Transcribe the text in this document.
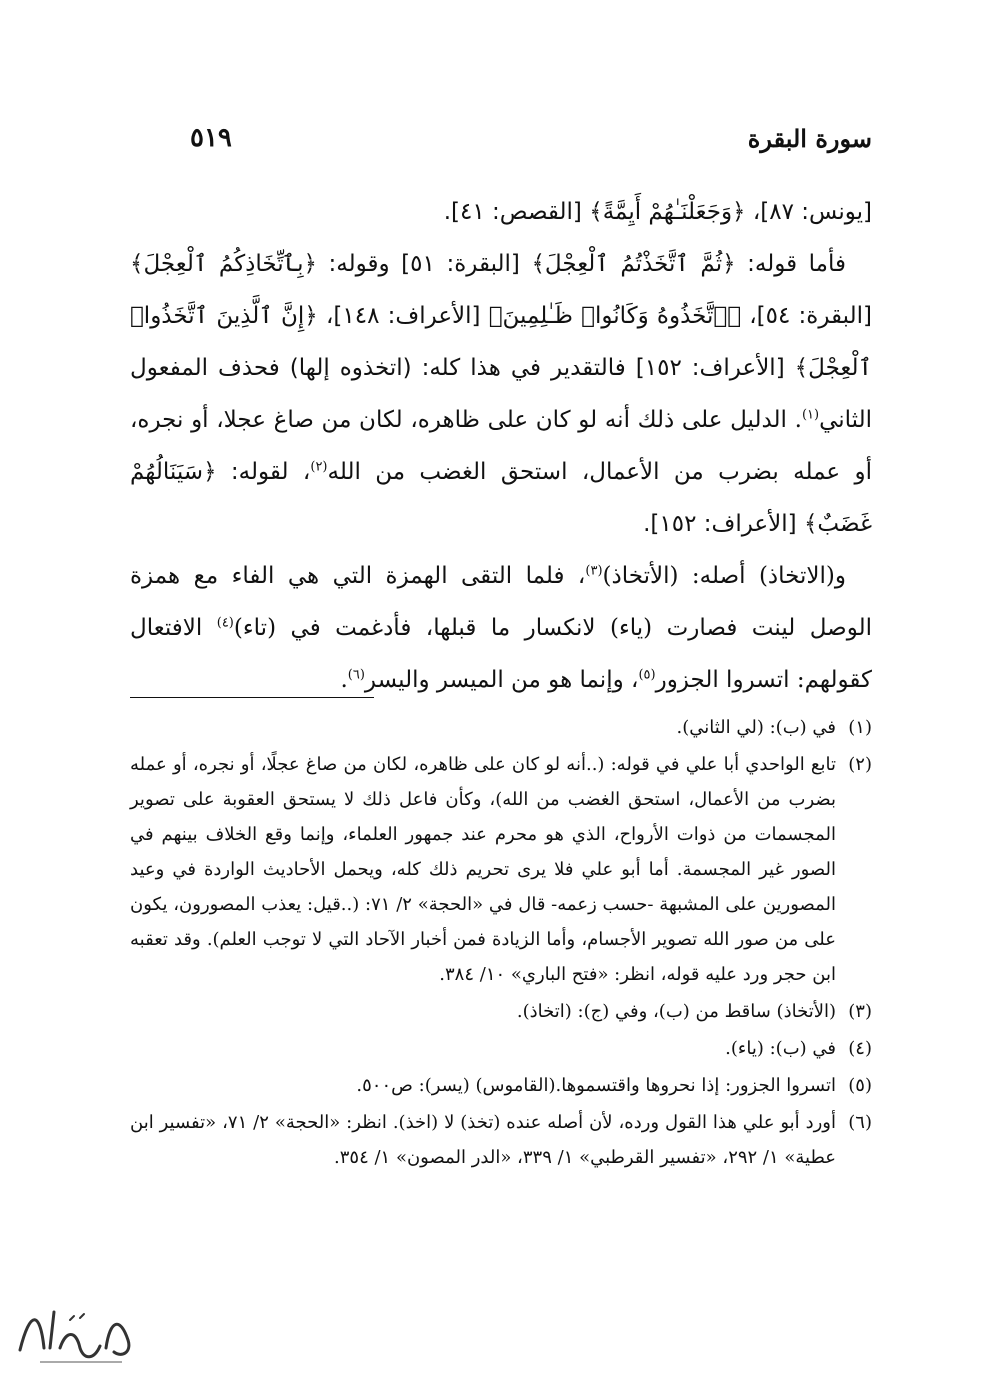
سورة البقرة
٥١٩

[يونس: ٨٧]، ﴿وَجَعَلْنَـٰهُمْ أَيِمَّةً﴾ [القصص: ٤١].

فأما قوله: ﴿ثُمَّ ٱتَّخَذْتُمُ ٱلْعِجْلَ﴾ [البقرة: ٥١] وقوله: ﴿بِٱتِّخَاذِكُمُ ٱلْعِجْلَ﴾ [البقرة: ٥٤]، ﴿ٱتَّخَذُوهُ وَكَانُوا۟ ظَـٰلِمِينَ﴾ [الأعراف: ١٤٨]، ﴿إِنَّ ٱلَّذِينَ ٱتَّخَذُوا۟ ٱلْعِجْلَ﴾ [الأعراف: ١٥٢] فالتقدير في هذا كله: (اتخذوه إلها) فحذف المفعول الثاني$^{(١)}$. الدليل على ذلك أنه لو كان على ظاهره، لكان من صاغ عجلا، أو نجره، أو عمله بضرب من الأعمال، استحق الغضب من الله$^{(٢)}$، لقوله: ﴿سَيَنَالُهُمْ غَضَبٌ﴾ [الأعراف: ١٥٢].

و(الاتخاذ) أصله: (الأتخاذ)$^{(٣)}$، فلما التقى الهمزة التي هي الفاء مع همزة الوصل لينت فصارت (ياء) لانكسار ما قبلها، فأدغمت في (تاء)$^{(٤)}$ الافتعال كقولهم: اتسروا الجزور$^{(٥)}$، وإنما هو من الميسر واليسر$^{(٦)}$.

(١)
في (ب): (لي الثاني).
(٢)
تابع الواحدي أبا علي في قوله: (..أنه لو كان على ظاهره، لكان من صاغ عجلًا، أو نجره، أو عمله بضرب من الأعمال، استحق الغضب من الله)، وكأن فاعل ذلك لا يستحق العقوبة على تصوير المجسمات من ذوات الأرواح، الذي هو محرم عند جمهور العلماء، وإنما وقع الخلاف بينهم في الصور غير المجسمة. أما أبو علي فلا يرى تحريم ذلك كله، ويحمل الأحاديث الواردة في وعيد المصورين على المشبهة -حسب زعمه- قال في «الحجة» ٢/ ٧١: (..قيل: يعذب المصورون، يكون على من صور الله تصوير الأجسام، وأما الزيادة فمن أخبار الآحاد التي لا توجب العلم). وقد تعقبه ابن حجر ورد عليه قوله، انظر: «فتح الباري» ١٠/ ٣٨٤.
(٣)
(الأتخاذ) ساقط من (ب)، وفي (ج): (اتخاذ).
(٤)
في (ب): (ياء).
(٥)
اتسروا الجزور: إذا نحروها واقتسموها.(القاموس) (يسر): ص٥٠٠.
(٦)
أورد أبو علي هذا القول ورده، لأن أصله عنده (تخذ) لا (اخذ). انظر: «الحجة» ٢/ ٧١، «تفسير ابن عطية» ١/ ٢٩٢، «تفسير القرطبي» ١/ ٣٣٩، «الدر المصون» ١/ ٣٥٤.
